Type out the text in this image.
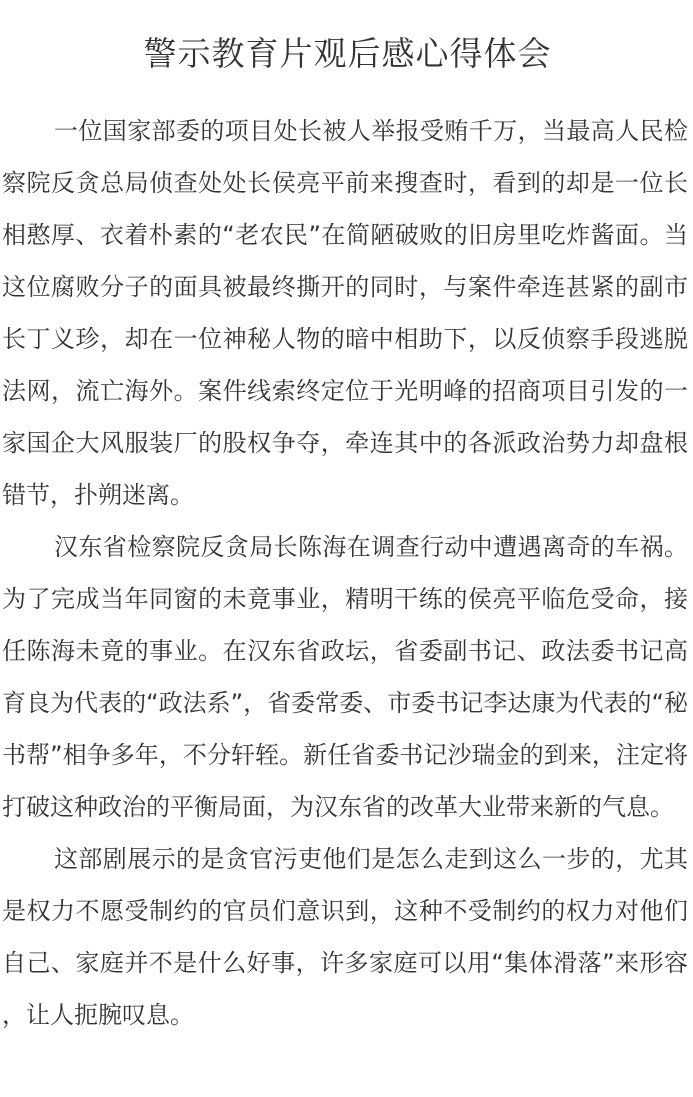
警示教育片观后感心得体会

一位国家部委的项目处长被人举报受贿千万，当最高人民检察院反贪总局侦查处处长侯亮平前来搜查时，看到的却是一位长相憨厚、衣着朴素的“老农民”在简陋破败的旧房里吃炸酱面。当这位腐败分子的面具被最终撕开的同时，与案件牵连甚紧的副市长丁义珍，却在一位神秘人物的暗中相助下，以反侦察手段逃脱法网，流亡海外。案件线索终定位于光明峰的招商项目引发的一家国企大风服装厂的股权争夺，牵连其中的各派政治势力却盘根错节，扑朔迷离。

汉东省检察院反贪局长陈海在调查行动中遭遇离奇的车祸。为了完成当年同窗的未竟事业，精明干练的侯亮平临危受命，接任陈海未竟的事业。在汉东省政坛，省委副书记、政法委书记高育良为代表的“政法系”，省委常委、市委书记李达康为代表的“秘书帮”相争多年，不分轩轾。新任省委书记沙瑞金的到来，注定将打破这种政治的平衡局面，为汉东省的改革大业带来新的气息。

这部剧展示的是贪官污吏他们是怎么走到这么一步的，尤其是权力不愿受制约的官员们意识到，这种不受制约的权力对他们自己、家庭并不是什么好事，许多家庭可以用“集体滑落”来形容，让人扼腕叹息。
